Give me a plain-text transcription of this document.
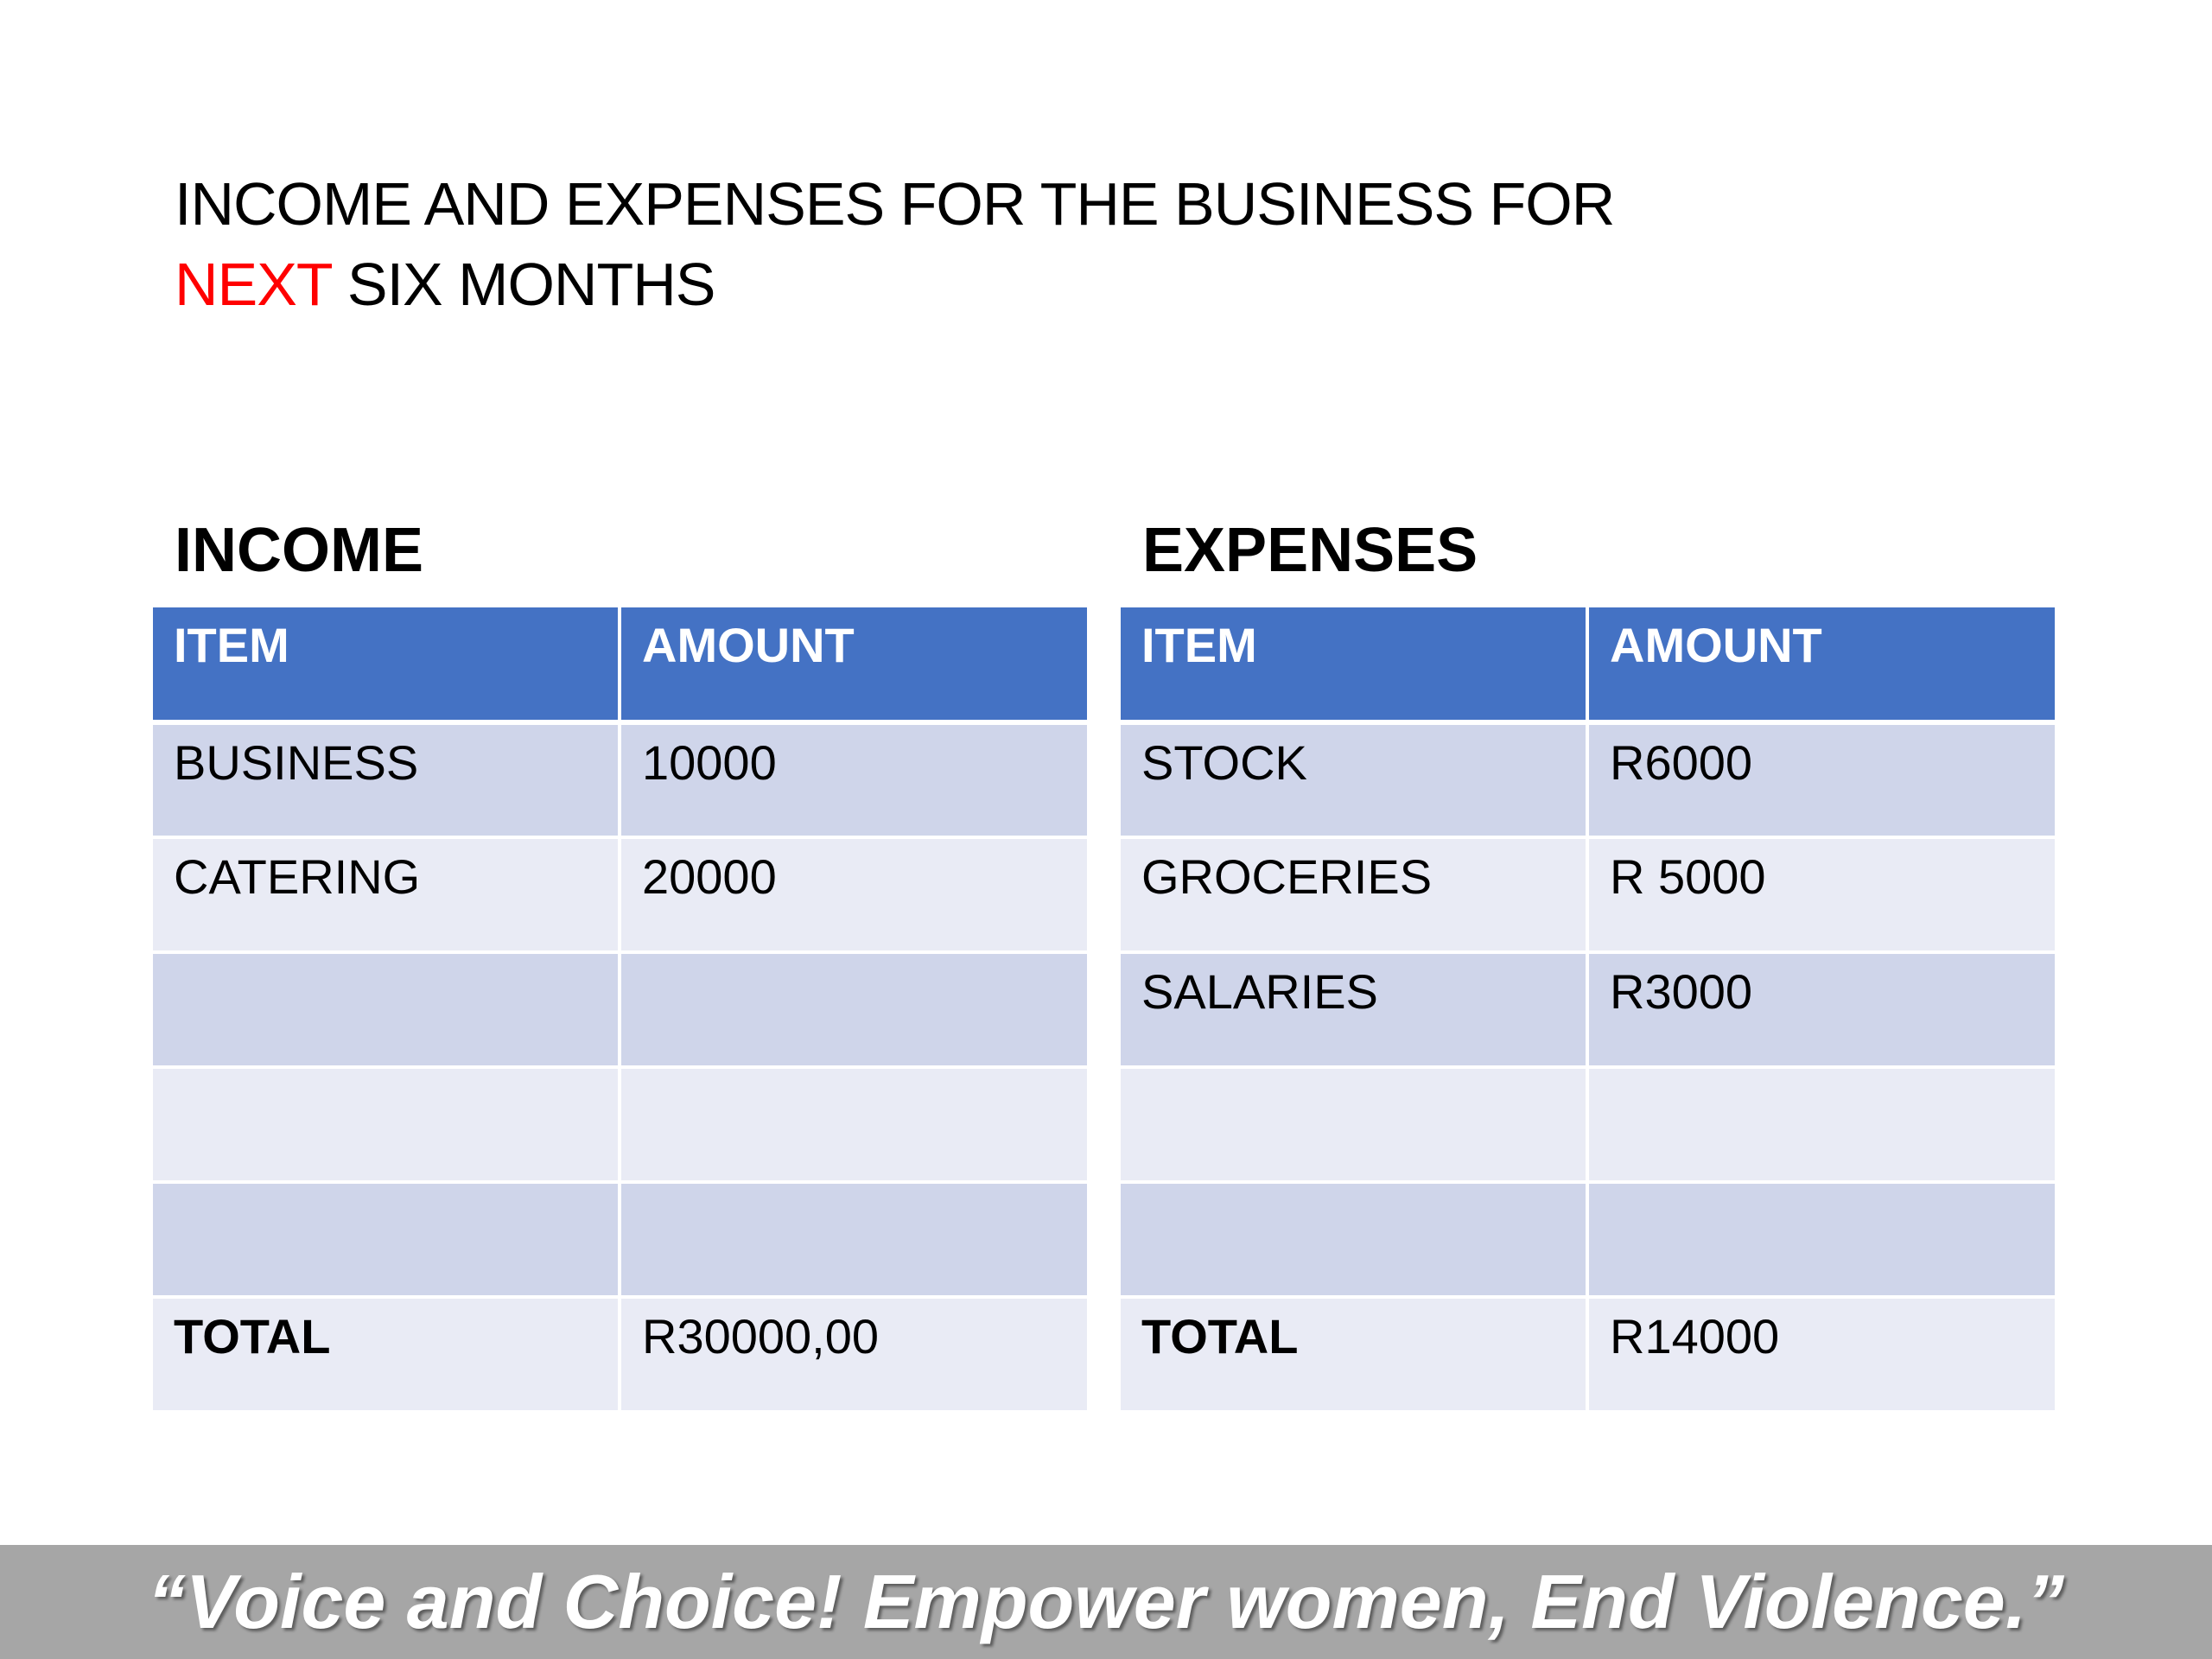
INCOME AND EXPENSES FOR THE BUSINESS FOR
NEXT SIX MONTHS
INCOME	EXPENSES
ITEM	AMOUNT
BUSINESS	10000
CATERING	20000

TOTAL	R30000,00
ITEM	AMOUNT
STOCK	R6000
GROCERIES	R 5000
SALARIES	R3000

TOTAL	R14000
“Voice and Choice! Empower women, End Violence.”
